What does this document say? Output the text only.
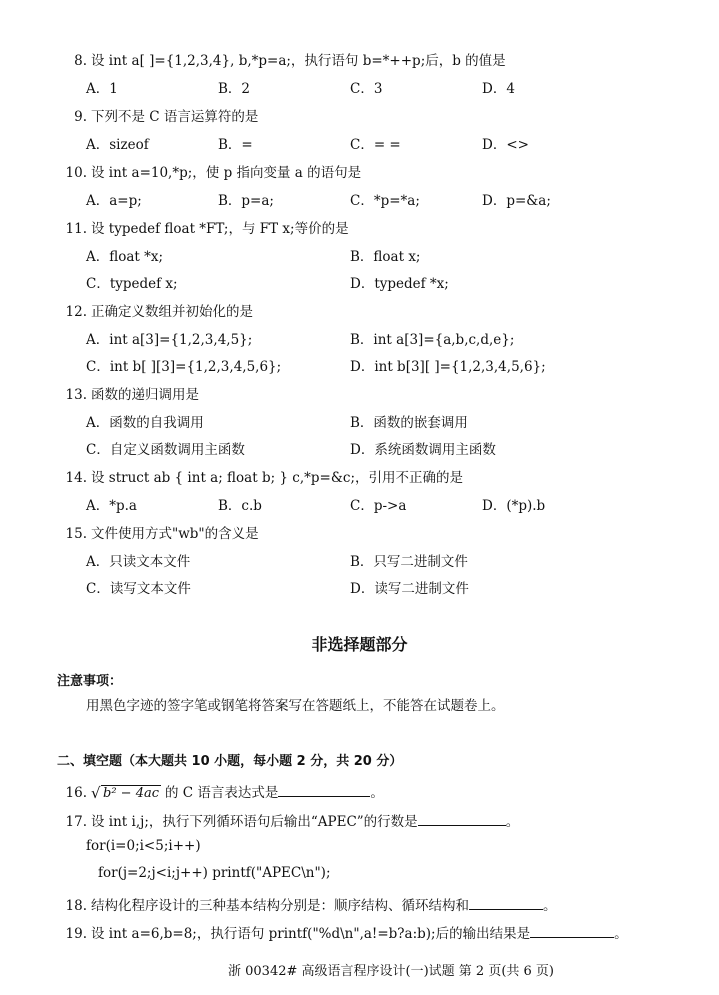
8. 设 int a[ ]={1,2,3,4}, b,*p=a;，执行语句 b=*++p;后，b 的值是
A．1	B．2	C．3	D．4
9. 下列不是 C 语言运算符的是
A．sizeof	B．=	C．= =	D．<>
10. 设 int a=10,*p;，使 p 指向变量 a 的语句是
A．a=p;	B．p=a;	C．*p=*a;	D．p=&a;
11. 设 typedef float *FT;，与 FT x;等价的是
A．float *x;	B．float x;
C．typedef x;	D．typedef *x;
12. 正确定义数组并初始化的是
A．int a[3]={1,2,3,4,5};	B．int a[3]={a,b,c,d,e};
C．int b[ ][3]={1,2,3,4,5,6};	D．int b[3][ ]={1,2,3,4,5,6};
13. 函数的递归调用是
A．函数的自我调用	B．函数的嵌套调用
C．自定义函数调用主函数	D．系统函数调用主函数
14. 设 struct ab { int a; float b; } c,*p=&c;，引用不正确的是
A．*p.a	B．c.b	C．p->a	D．(*p).b
15. 文件使用方式"wb"的含义是
A．只读文本文件	B．只写二进制文件
C．读写文本文件	D．读写二进制文件
非选择题部分
注意事项：
用黑色字迹的签字笔或钢笔将答案写在答题纸上，不能答在试题卷上。
二、填空题（本大题共 10 小题，每小题 2 分，共 20 分）
16. √ b² − 4ac 的 C 语言表达式是	。
17. 设 int i,j;，执行下列循环语句后输出“APEC”的行数是	。
for(i=0;i<5;i++)
for(j=2;j<i;j++) printf("APEC\n");
18. 结构化程序设计的三种基本结构分别是：顺序结构、循环结构和	。
19. 设 int a=6,b=8;，执行语句 printf("%d\n",a!=b?a:b);后的输出结果是	。
浙 00342# 高级语言程序设计(一)试题 第 2 页(共 6 页)
